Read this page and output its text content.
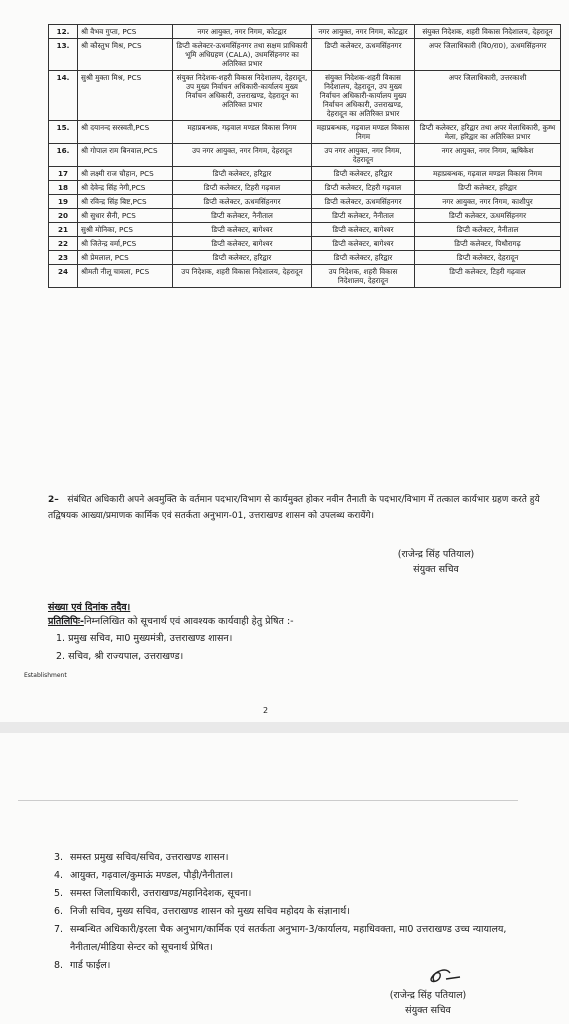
12.	श्री वैभव गुप्ता, PCS	नगर आयुक्त, नगर निगम, कोटद्वार	नगर आयुक्त, नगर निगम, कोटद्वार	संयुक्त निदेशक, शहरी विकास निदेशालय, देहरादून
13.	श्री कौस्तुभ मिश्र, PCS	डिप्टी कलेक्टर-ऊधमसिंहनगर तथा सक्षम प्राधिकारी भूमि अधिग्रहण (CALA), उधमसिंहनगर का अतिरिक्त प्रभार	डिप्टी कलेक्टर, ऊधमसिंहनगर	अपर जिलाधिकारी (वि0/रा0), ऊधमसिंहनगर
14.	सुश्री मुक्ता मिश्र, PCS	संयुक्त निदेशक-शहरी विकास निदेशालय, देहरादून, उप मुख्य निर्वाचन अधिकारी-कार्यालय मुख्य निर्वाचन अधिकारी, उत्तराखण्ड, देहरादून का अतिरिक्त प्रभार	संयुक्त निदेशक-शहरी विकास निदेशालय, देहरादून, उप मुख्य निर्वाचन अधिकारी-कार्यालय मुख्य निर्वाचन अधिकारी, उत्तराखण्ड, देहरादून का अतिरिक्त प्रभार	अपर जिलाधिकारी, उत्तरकाशी
15.	श्री दयानन्द सरस्वती,PCS	महाप्रबन्धक, गढ़वाल मण्डल विकास निगम	महाप्रबन्धक, गढ़वाल मण्डल विकास निगम	डिप्टी कलेक्टर, हरिद्वार तथा अपर मेलाधिकारी, कुम्भ मेला, हरिद्वार का अतिरिक्त प्रभार
16.	श्री गोपाल राम बिनवाल,PCS	उप नगर आयुक्त, नगर निगम, देहरादून	उप नगर आयुक्त, नगर निगम, देहरादून	नगर आयुक्त, नगर निगम, ऋषिकेश
17	श्री लक्ष्मी राज चौहान, PCS	डिप्टी कलेक्टर, हरिद्वार	डिप्टी कलेक्टर, हरिद्वार	महाप्रबन्धक, गढ़वाल मण्डल विकास निगम
18	श्री देवेन्द्र सिंह नेगी,PCS	डिप्टी कलेक्टर, टिहरी गढ़वाल	डिप्टी कलेक्टर, टिहरी गढ़वाल	डिप्टी कलेक्टर, हरिद्वार
19	श्री रविन्द्र सिंह बिष्ट,PCS	डिप्टी कलेक्टर, ऊधमसिंहनगर	डिप्टी कलेक्टर, ऊधमसिंहनगर	नगर आयुक्त, नगर निगम, काशीपुर
20	श्री सुधार सैनी, PCS	डिप्टी कलेक्टर, नैनीताल	डिप्टी कलेक्टर, नैनीताल	डिप्टी कलेक्टर, ऊधमसिंहनगर
21	सुश्री मोनिका, PCS	डिप्टी कलेक्टर, बागेश्वर	डिप्टी कलेक्टर, बागेश्वर	डिप्टी कलेक्टर, नैनीताल
22	श्री जितेन्द्र वर्मा,PCS	डिप्टी कलेक्टर, बागेश्वर	डिप्टी कलेक्टर, बागेश्वर	डिप्टी कलेक्टर, पिथौरागढ़
23	श्री प्रेमलाल, PCS	डिप्टी कलेक्टर, हरिद्वार	डिप्टी कलेक्टर, हरिद्वार	डिप्टी कलेक्टर, देहरादून
24	श्रीमती नीलू चावला, PCS	उप निदेशक, शहरी विकास निदेशालय, देहरादून	उप निदेशक, शहरी विकास निदेशालय, देहरादून	डिप्टी कलेक्टर, टिहरी गढ़वाल
2– संबंधित अधिकारी अपने अवमुक्ति के वर्तमान पदभार/विभाग से कार्यमुक्त होकर नवीन तैनाती के पदभार/विभाग में तत्काल कार्यभार ग्रहण करते हुये तद्विषयक आख्या/प्रमाणक कार्मिक एवं सतर्कता अनुभाग-01, उत्तराखण्ड शासन को उपलब्ध करायेंगे।
(राजेन्द्र सिंह पतियाल)
संयुक्त सचिव
संख्या एवं दिनांक तदैव।
प्रतिलिपिः-निम्नलिखित को सूचनार्थ एवं आवश्यक कार्यवाही हेतु प्रेषित :-
1. प्रमुख सचिव, मा0 मुख्यमंत्री, उत्तराखण्ड शासन।
2. सचिव, श्री राज्यपाल, उत्तराखण्ड।
Establishment
2
3. समस्त प्रमुख सचिव/सचिव, उत्तराखण्ड शासन।
4. आयुक्त, गढ़वाल/कुमाऊं मण्डल, पौड़ी/नैनीताल।
5. समस्त जिलाधिकारी, उत्तराखण्ड/महानिदेशक, सूचना।
6. निजी सचिव, मुख्य सचिव, उत्तराखण्ड शासन को मुख्य सचिव महोदय के संज्ञानार्थ।
7. सम्बन्धित अधिकारी/इरला चैक अनुभाग/कार्मिक एवं सतर्कता अनुभाग-3/कार्यालय, महाधिवक्ता, मा0 उत्तराखण्ड उच्च न्यायालय, नैनीताल/मीडिया सेन्टर को सूचनार्थ प्रेषित।
8. गार्ड फाईल।
(राजेन्द्र सिंह पतियाल)
संयुक्त सचिव
